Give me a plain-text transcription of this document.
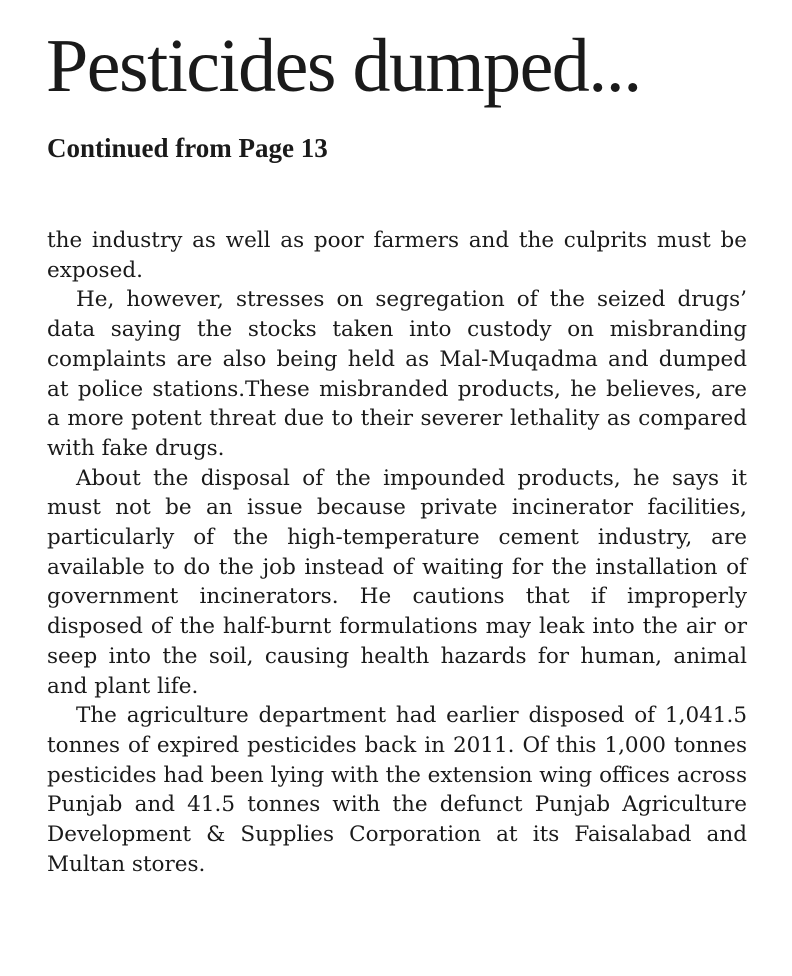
Pesticides dumped...
Continued from Page 13

the industry as well as poor farmers and the culprits must be exposed.

He, however, stresses on segregation of the seized drugs’ data saying the stocks taken into custody on misbranding complaints are also being held as Mal-Muqadma and dumped at police stations.These misbranded products, he believes, are a more potent threat due to their severer lethality as compared with fake drugs.

About the disposal of the impounded products, he says it must not be an issue because private incinerator facilities, particularly of the high-temperature cement industry, are available to do the job instead of waiting for the installation of government incinerators. He cautions that if improperly disposed of the half-burnt formulations may leak into the air or seep into the soil, causing health hazards for human, animal and plant life.

The agriculture department had earlier disposed of 1,041.5 tonnes of expired pesticides back in 2011. Of this 1,000 tonnes pesticides had been lying with the extension wing offices across Punjab and 41.5 tonnes with the defunct Punjab Agriculture Development & Supplies Corporation at its Faisalabad and Multan stores.
